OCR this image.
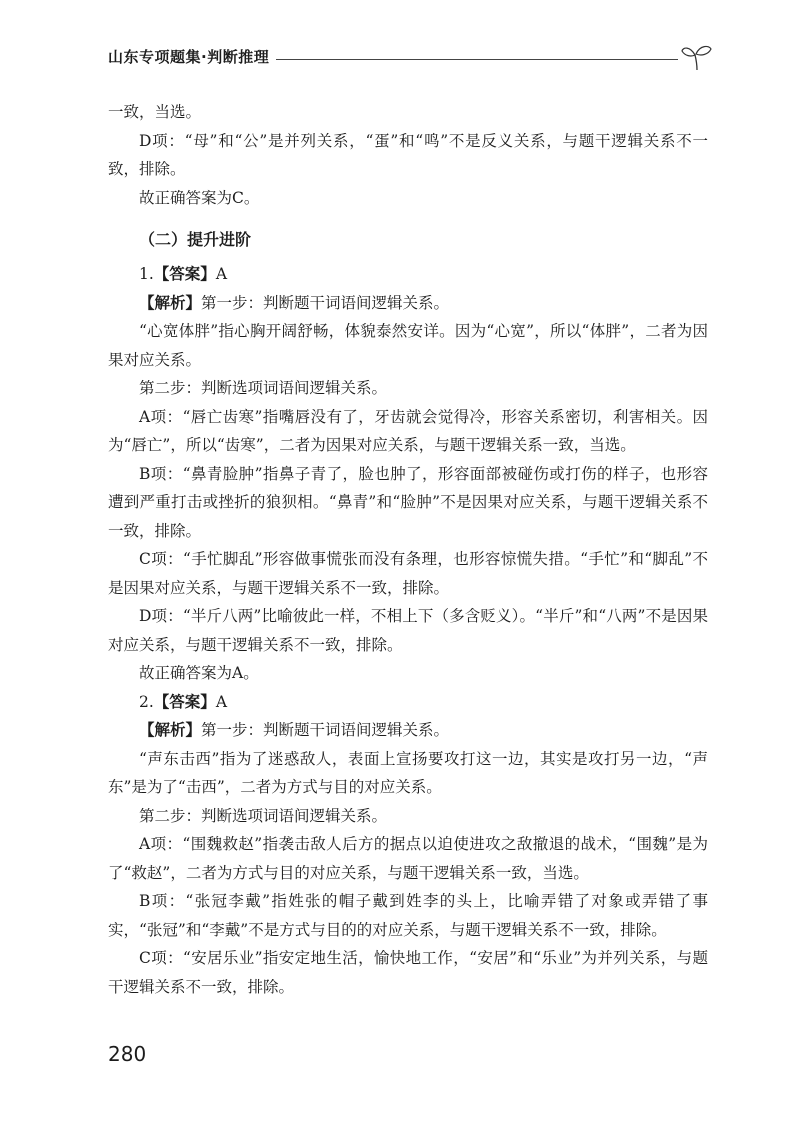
山东专项题集·判断推理

一致，当选。

D项：“母”和“公”是并列关系，“蛋”和“鸣”不是反义关系，与题干逻辑关系不一致，排除。

故正确答案为C。

（二）提升进阶

1.【答案】A

【解析】第一步：判断题干词语间逻辑关系。

“心宽体胖”指心胸开阔舒畅，体貌泰然安详。因为“心宽”，所以“体胖”，二者为因果对应关系。

第二步：判断选项词语间逻辑关系。

A项：“唇亡齿寒”指嘴唇没有了，牙齿就会觉得冷，形容关系密切，利害相关。因为“唇亡”，所以“齿寒”，二者为因果对应关系，与题干逻辑关系一致，当选。

B项：“鼻青脸肿”指鼻子青了，脸也肿了，形容面部被碰伤或打伤的样子，也形容遭到严重打击或挫折的狼狈相。“鼻青”和“脸肿”不是因果对应关系，与题干逻辑关系不一致，排除。

C项：“手忙脚乱”形容做事慌张而没有条理，也形容惊慌失措。“手忙”和“脚乱”不是因果对应关系，与题干逻辑关系不一致，排除。

D项：“半斤八两”比喻彼此一样，不相上下（多含贬义）。“半斤”和“八两”不是因果对应关系，与题干逻辑关系不一致，排除。

故正确答案为A。

2.【答案】A

【解析】第一步：判断题干词语间逻辑关系。

“声东击西”指为了迷惑敌人，表面上宣扬要攻打这一边，其实是攻打另一边，“声东”是为了“击西”，二者为方式与目的对应关系。

第二步：判断选项词语间逻辑关系。

A项：“围魏救赵”指袭击敌人后方的据点以迫使进攻之敌撤退的战术，“围魏”是为了“救赵”，二者为方式与目的对应关系，与题干逻辑关系一致，当选。

B项：“张冠李戴”指姓张的帽子戴到姓李的头上，比喻弄错了对象或弄错了事实，“张冠”和“李戴”不是方式与目的的对应关系，与题干逻辑关系不一致，排除。

C项：“安居乐业”指安定地生活，愉快地工作，“安居”和“乐业”为并列关系，与题干逻辑关系不一致，排除。

280
